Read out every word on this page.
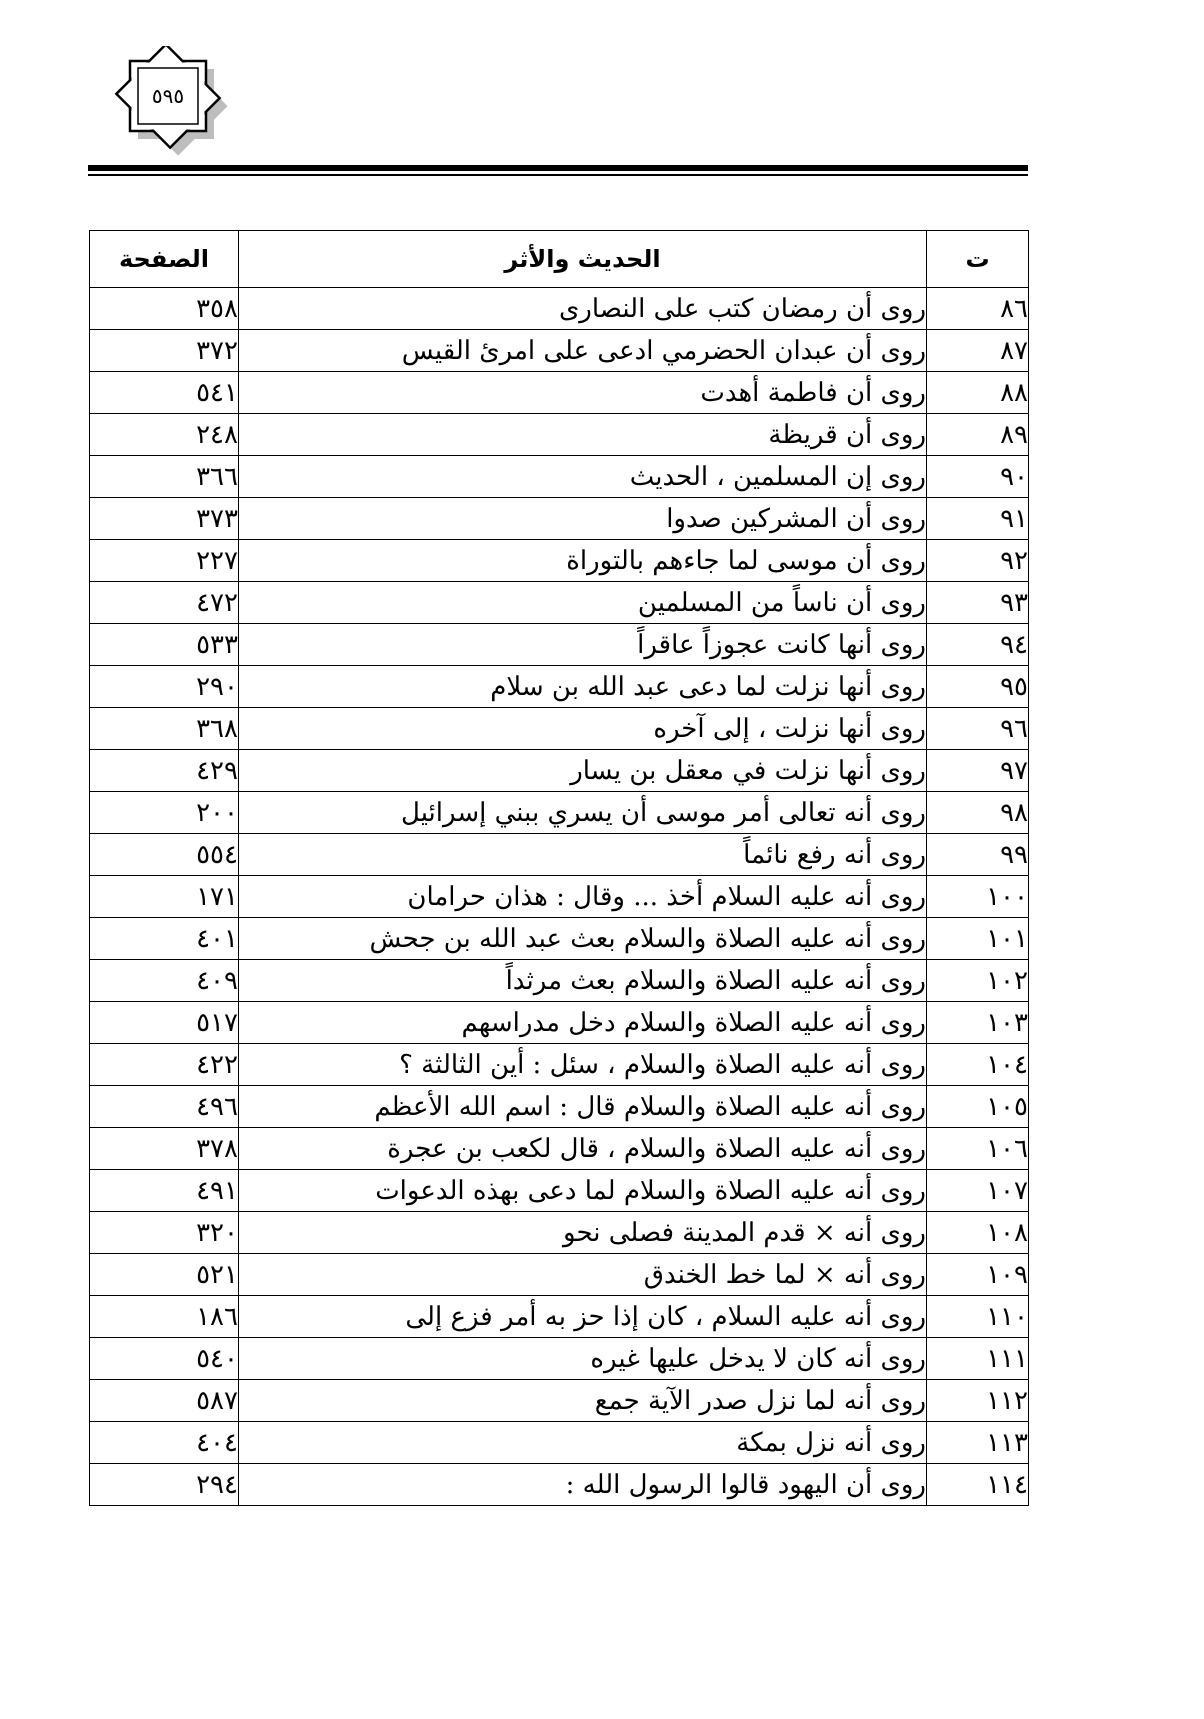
٥٩٥
ت	الحديث والأثر	الصفحة
٨٦	روى أن رمضان كتب على النصارى	٣٥٨
٨٧	روى أن عبدان الحضرمي ادعى على امرئ القيس	٣٧٢
٨٨	روى أن فاطمة أهدت	٥٤١
٨٩	روى أن قريظة	٢٤٨
٩٠	روى إن المسلمين ، الحديث	٣٦٦
٩١	روى أن المشركين صدوا	٣٧٣
٩٢	روى أن موسى لما جاءهم بالتوراة	٢٢٧
٩٣	روى أن ناساً من المسلمين	٤٧٢
٩٤	روى أنها كانت عجوزاً عاقراً	٥٣٣
٩٥	روى أنها نزلت لما دعى عبد الله بن سلام	٢٩٠
٩٦	روى أنها نزلت ، إلى آخره	٣٦٨
٩٧	روى أنها نزلت في معقل بن يسار	٤٢٩
٩٨	روى أنه تعالى أمر موسى أن يسري ببني إسرائيل	٢٠٠
٩٩	روى أنه رفع نائماً	٥٥٤
١٠٠	روى أنه عليه السلام أخذ ... وقال : هذان حرامان	١٧١
١٠١	روى أنه عليه الصلاة والسلام بعث عبد الله بن جحش	٤٠١
١٠٢	روى أنه عليه الصلاة والسلام بعث مرثداً	٤٠٩
١٠٣	روى أنه عليه الصلاة والسلام دخل مدراسهم	٥١٧
١٠٤	روى أنه عليه الصلاة والسلام ، سئل : أين الثالثة ؟	٤٢٢
١٠٥	روى أنه عليه الصلاة والسلام قال : اسم الله الأعظم	٤٩٦
١٠٦	روى أنه عليه الصلاة والسلام ، قال لكعب بن عجرة	٣٧٨
١٠٧	روى أنه عليه الصلاة والسلام لما دعى بهذه الدعوات	٤٩١
١٠٨	روى أنه × قدم المدينة فصلى نحو	٣٢٠
١٠٩	روى أنه × لما خط الخندق	٥٢١
١١٠	روى أنه عليه السلام ، كان إذا حز به أمر فزع إلى	١٨٦
١١١	روى أنه كان لا يدخل عليها غيره	٥٤٠
١١٢	روى أنه لما نزل صدر الآية جمع	٥٨٧
١١٣	روى أنه نزل بمكة	٤٠٤
١١٤	روى أن اليهود قالوا الرسول الله :	٢٩٤
